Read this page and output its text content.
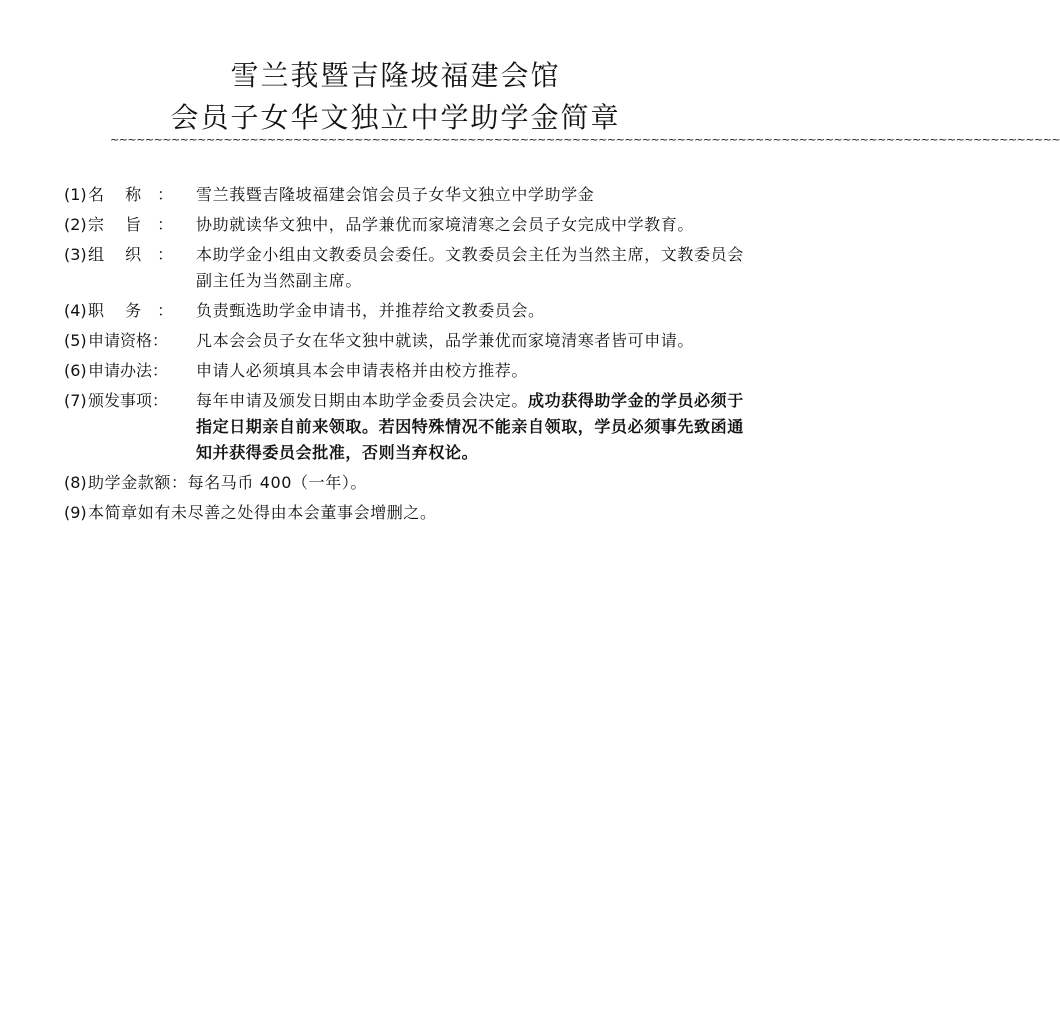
雪兰莪暨吉隆坡福建会馆
会员子女华文独立中学助学金简章
~~~~~~~~~~~~~~~~~~~~~~~~~~~~~~~~~~~~~~~~~~~~~~~~~~~~~~~~~~~~~~~~~~~~~~~~~~~~~~~~~~~~~~~~~~~~~~~~~~~~~~~~~~~~~
(1) 名　 称　：	雪兰莪暨吉隆坡福建会馆会员子女华文独立中学助学金
(2) 宗　 旨　：	协助就读华文独中，品学兼优而家境清寒之会员子女完成中学教育。
(3) 组　 织　：	本助学金小组由文教委员会委任。文教委员会主任为当然主席，文教委员会副主任为当然副主席。
(4) 职　 务　：	负责甄选助学金申请书，并推荐给文教委员会。
(5) 申请资格：	凡本会会员子女在华文独中就读，品学兼优而家境清寒者皆可申请。
(6) 申请办法：	申请人必须填具本会申请表格并由校方推荐。
(7) 颁发事项：	每年申请及颁发日期由本助学金委员会决定。成功获得助学金的学员必须于指定日期亲自前来领取。若因特殊情况不能亲自领取，学员必须事先致函通知并获得委员会批准，否则当弃权论。
(8) 助学金款额：每名马币 400（一年）。
(9) 本简章如有未尽善之处得由本会董事会增删之。
